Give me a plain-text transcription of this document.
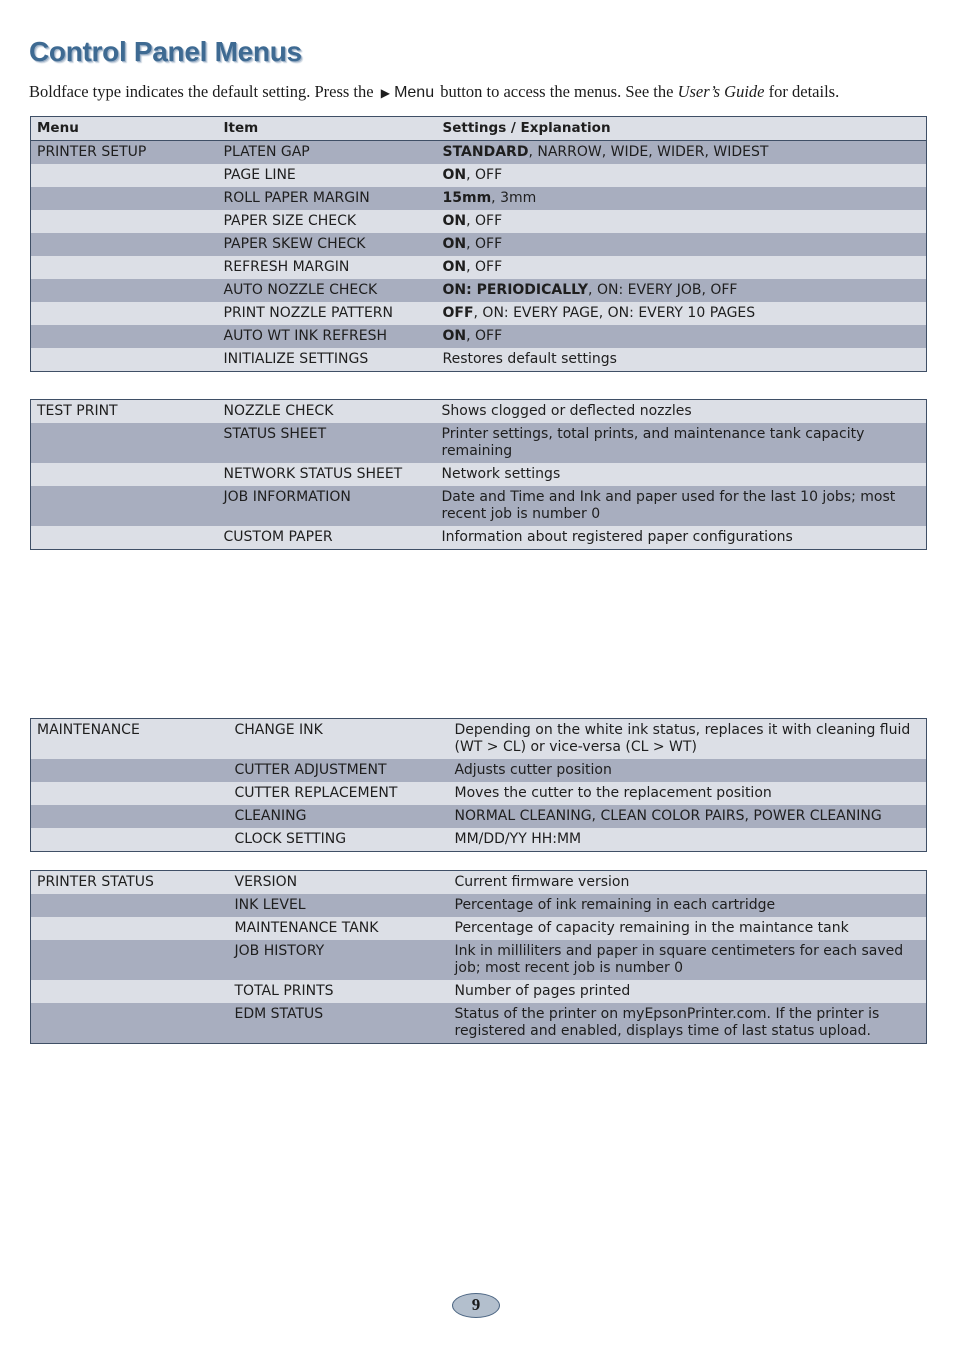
Control Panel Menus

Boldface type indicates the default setting. Press the ▶ Menu button to access the menus. See the User’s Guide for details.

Menu	Item	Settings / Explanation
PRINTER SETUP	PLATEN GAP	STANDARD, NARROW, WIDE, WIDER, WIDEST
	PAGE LINE	ON, OFF
	ROLL PAPER MARGIN	15mm, 3mm
	PAPER SIZE CHECK	ON, OFF
	PAPER SKEW CHECK	ON, OFF
	REFRESH MARGIN	ON, OFF
	AUTO NOZZLE CHECK	ON: PERIODICALLY, ON: EVERY JOB, OFF
	PRINT NOZZLE PATTERN	OFF, ON: EVERY PAGE, ON: EVERY 10 PAGES
	AUTO WT INK REFRESH	ON, OFF
	INITIALIZE SETTINGS	Restores default settings
TEST PRINT	NOZZLE CHECK	Shows clogged or deflected nozzles
	STATUS SHEET	Printer settings, total prints, and maintenance tank capacity remaining
	NETWORK STATUS SHEET	Network settings
	JOB INFORMATION	Date and Time and Ink and paper used for the last 10 jobs; most recent job is number 0
	CUSTOM PAPER	Information about registered paper configurations
MAINTENANCE	CHANGE INK	Depending on the white ink status, replaces it with cleaning fluid (WT > CL) or vice-versa (CL > WT)
	CUTTER ADJUSTMENT	Adjusts cutter position
	CUTTER REPLACEMENT	Moves the cutter to the replacement position
	CLEANING	NORMAL CLEANING, CLEAN COLOR PAIRS, POWER CLEANING
	CLOCK SETTING	MM/DD/YY HH:MM
PRINTER STATUS	VERSION	Current firmware version
	INK LEVEL	Percentage of ink remaining in each cartridge
	MAINTENANCE TANK	Percentage of capacity remaining in the maintance tank
	JOB HISTORY	Ink in milliliters and paper in square centimeters for each saved job; most recent job is number 0
	TOTAL PRINTS	Number of pages printed
	EDM STATUS	Status of the printer on myEpsonPrinter.com. If the printer is registered and enabled, displays time of last status upload.
9
